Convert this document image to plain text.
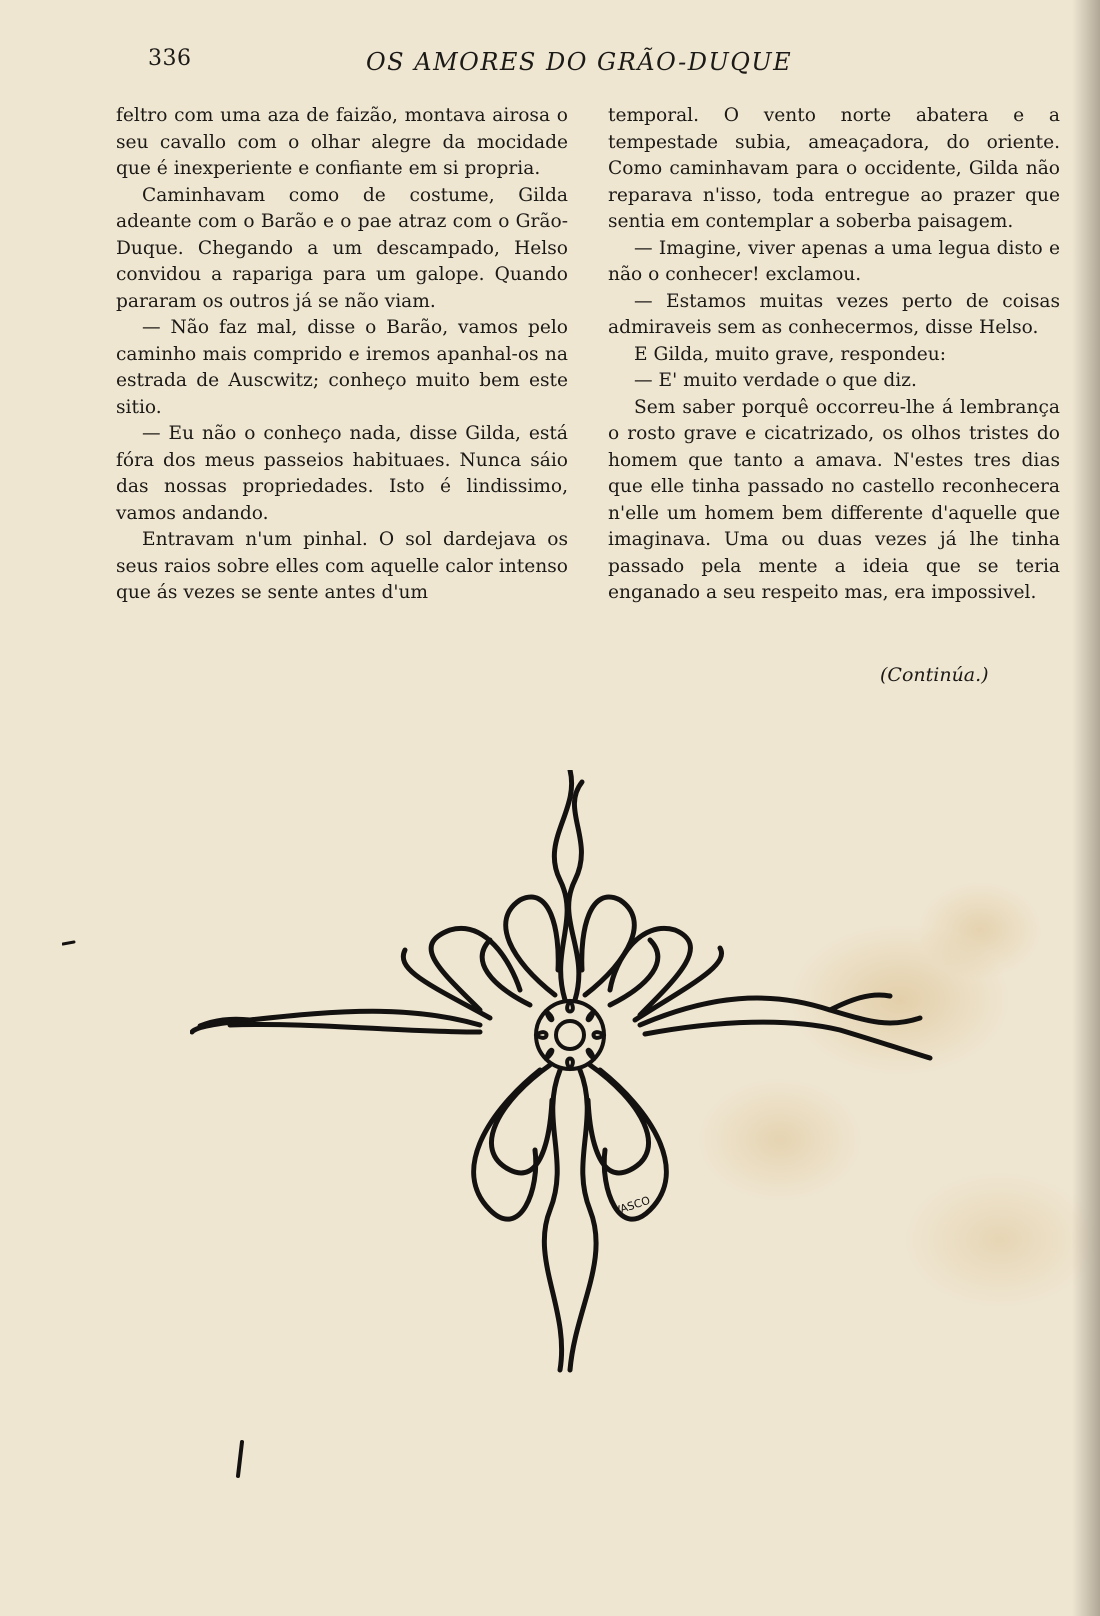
336	OS AMORES DO GRÃO-DUQUE

feltro com uma aza de faizão, montava airosa o seu cavallo com o olhar alegre da mocidade que é inexperiente e confiante em si propria.

Caminhavam como de costume, Gilda adeante com o Barão e o pae atraz com o Grão-Duque. Chegando a um descampado, Helso convidou a rapariga para um galope. Quando pararam os outros já se não viam.

— Não faz mal, disse o Barão, vamos pelo caminho mais comprido e iremos apanhal-os na estrada de Auscwitz; conheço muito bem este sitio.

— Eu não o conheço nada, disse Gilda, está fóra dos meus passeios habituaes. Nunca sáio das nossas propriedades. Isto é lindissimo, vamos andando.

Entravam n'um pinhal. O sol dardejava os seus raios sobre elles com aquelle calor intenso que ás vezes se sente antes d'um

temporal. O vento norte abatera e a tempestade subia, ameaçadora, do oriente. Como caminhavam para o occidente, Gilda não reparava n'isso, toda entregue ao prazer que sentia em contemplar a soberba paisagem.

— Imagine, viver apenas a uma legua disto e não o conhecer! exclamou.

— Estamos muitas vezes perto de coisas admiraveis sem as conhecermos, disse Helso.

E Gilda, muito grave, respondeu:

— E' muito verdade o que diz.

Sem saber porquê occorreu-lhe á lembrança o rosto grave e cicatrizado, os olhos tristes do homem que tanto a amava. N'estes tres dias que elle tinha passado no castello reconhecera n'elle um homem bem differente d'aquelle que imaginava. Uma ou duas vezes já lhe tinha passado pela mente a ideia que se teria enganado a seu respeito mas, era impossivel.

(Continúa.)
VASCO
